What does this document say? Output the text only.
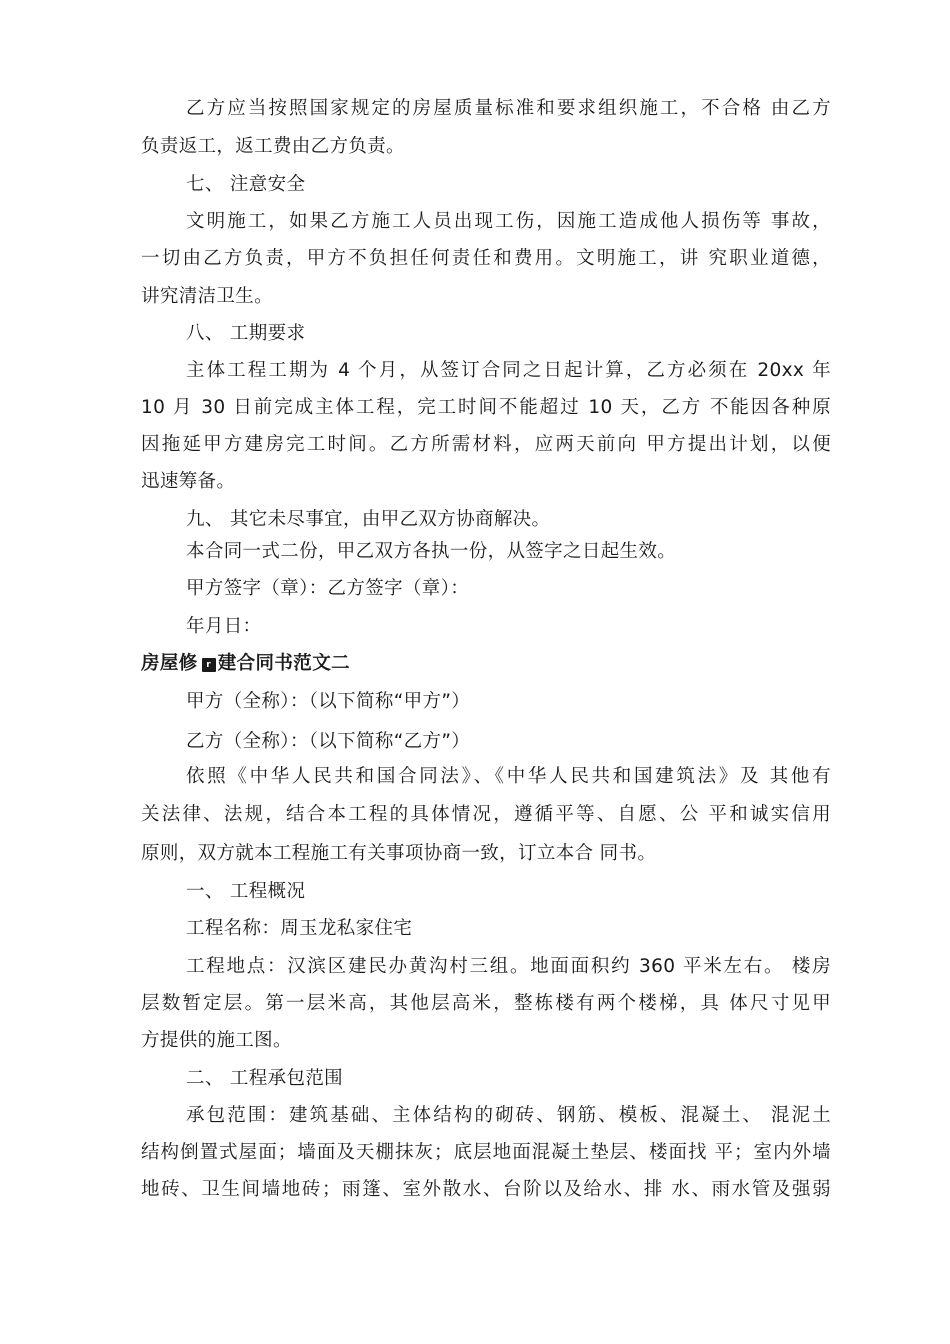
乙方应当按照国家规定的房屋质量标准和要求组织施工，不合格 由乙方
负责返工，返工费由乙方负责。
七、 注意安全
文明施工，如果乙方施工人员出现工伤，因施工造成他人损伤等 事故，
一切由乙方负责，甲方不负担任何责任和费用。文明施工，讲 究职业道德，
讲究清洁卫生。
八、 工期要求
主体工程工期为 4 个月，从签订合同之日起计算，乙方必须在 20xx 年
10 月 30 日前完成主体工程，完工时间不能超过 10 天，乙方 不能因各种原
因拖延甲方建房完工时间。乙方所需材料，应两天前向 甲方提出计划，以便
迅速筹备。
九、 其它未尽事宜，由甲乙双方协商解决。
本合同一式二份，甲乙双方各执一份，从签字之日起生效。
甲方签字（章）：乙方签字（章）：
年月日：
房屋修 r 建合同书范文二
甲方（全称）：（以下简称“甲方”）
乙方（全称）：（以下简称“乙方”）
依照《中华人民共和国合同法》、《中华人民共和国建筑法》及 其他有
关法律、法规，结合本工程的具体情况，遵循平等、自愿、公 平和诚实信用
原则，双方就本工程施工有关事项协商一致，订立本合 同书。
一、 工程概况
工程名称：周玉龙私家住宅
工程地点：汉滨区建民办黄沟村三组。地面面积约 360 平米左右。 楼房
层数暂定层。第一层米高，其他层高米，整栋楼有两个楼梯，具 体尺寸见甲
方提供的施工图。
二、 工程承包范围
承包范围：建筑基础、主体结构的砌砖、钢筋、模板、混凝土、 混泥土
结构倒置式屋面；墙面及天棚抹灰；底层地面混凝土垫层、楼面找 平；室内外墙
地砖、卫生间墙地砖；雨篷、室外散水、台阶以及给水、排 水、雨水管及强弱
